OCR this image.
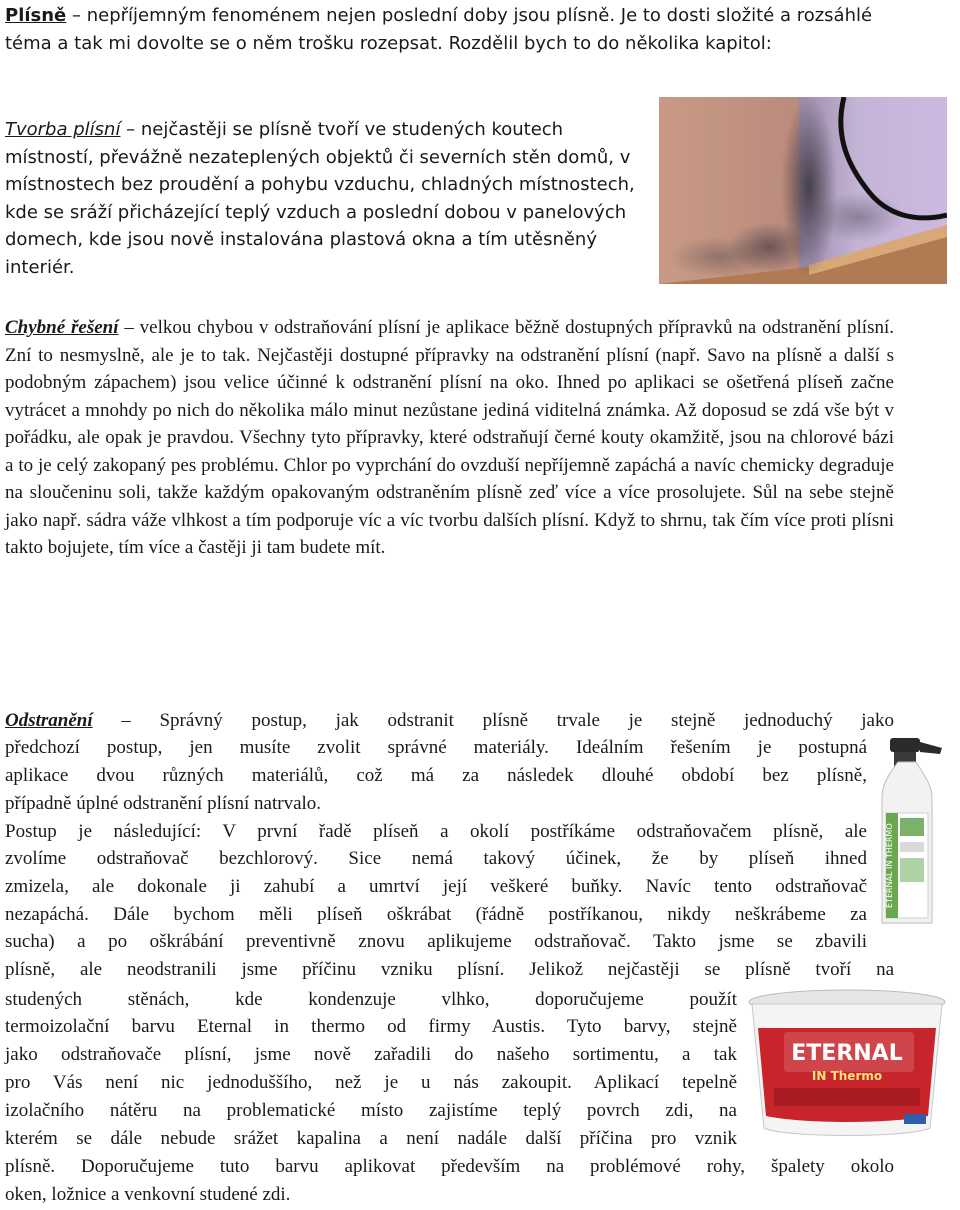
Plísně – nepříjemným fenoménem nejen poslední doby jsou plísně. Je to dosti složité a rozsáhlé téma a tak mi dovolte se o něm trošku rozepsat. Rozdělil bych to do několika kapitol:

Tvorba plísní – nejčastěji se plísně tvoří ve studených koutech místností, převážně nezateplených objektů či severních stěn domů, v místnostech bez proudění a pohybu vzduchu, chladných místnostech, kde se sráží přicházející teplý vzduch a poslední dobou v panelových domech, kde jsou nově instalována plastová okna a tím utěsněný interiér.

Chybné řešení – velkou chybou v odstraňování plísní je aplikace běžně dostupných přípravků na odstranění plísní. Zní to nesmyslně, ale je to tak. Nejčastěji dostupné přípravky na odstranění plísní (např. Savo na plísně a další s podobným zápachem) jsou velice účinné k odstranění plísní na oko. Ihned po aplikaci se ošetřená plíseň začne vytrácet a mnohdy po nich do několika málo minut nezůstane jediná viditelná známka. Až doposud se zdá vše být v pořádku, ale opak je pravdou. Všechny tyto přípravky, které odstraňují černé kouty okamžitě, jsou na chlorové bázi a to je celý zakopaný pes problému. Chlor po vyprchání do ovzduší nepříjemně zapáchá a navíc chemicky degraduje na sloučeninu soli, takže každým opakovaným odstraněním plísně zeď více a více prosolujete. Sůl na sebe stejně jako např. sádra váže vlhkost a tím podporuje víc a víc tvorbu dalších plísní. Když to shrnu, tak čím více proti plísni takto bojujete, tím více a častěji ji tam budete mít.

Odstranění – Správný postup, jak odstranit plísně trvale je stejně jednoduchý jako

předchozí postup, jen musíte zvolit správné materiály. Ideálním řešením je postupná

aplikace dvou různých materiálů, což má za následek dlouhé období bez plísně,

případně úplné odstranění plísní natrvalo.

Postup je následující: V první řadě plíseň a okolí postříkáme odstraňovačem plísně, ale

zvolíme odstraňovač bezchlorový. Sice nemá takový účinek, že by plíseň ihned

zmizela, ale dokonale ji zahubí a umrtví její veškeré buňky. Navíc tento odstraňovač

nezapáchá. Dále bychom měli plíseň oškrábat (řádně postříkanou, nikdy neškrábeme za

sucha) a po oškrábání preventivně znovu aplikujeme odstraňovač. Takto jsme se zbavili

plísně, ale neodstranili jsme příčinu vzniku plísní. Jelikož nejčastěji se plísně tvoří na

studených stěnách, kde kondenzuje vlhko, doporučujeme použít

termoizolační barvu Eternal in thermo od firmy Austis. Tyto barvy, stejně

jako odstraňovače plísní, jsme nově zařadili do našeho sortimentu, a tak

pro Vás není nic jednoduššího, než je u nás zakoupit. Aplikací tepelně

izolačního nátěru na problematické místo zajistíme teplý povrch zdi, na

kterém se dále nebude srážet kapalina a není nadále další příčina pro vznik

plísně. Doporučujeme tuto barvu aplikovat především na problémové rohy, špalety okolo

oken, ložnice a venkovní studené zdi.

ETERNAL IN THERMO
ETERNAL
IN Thermo
